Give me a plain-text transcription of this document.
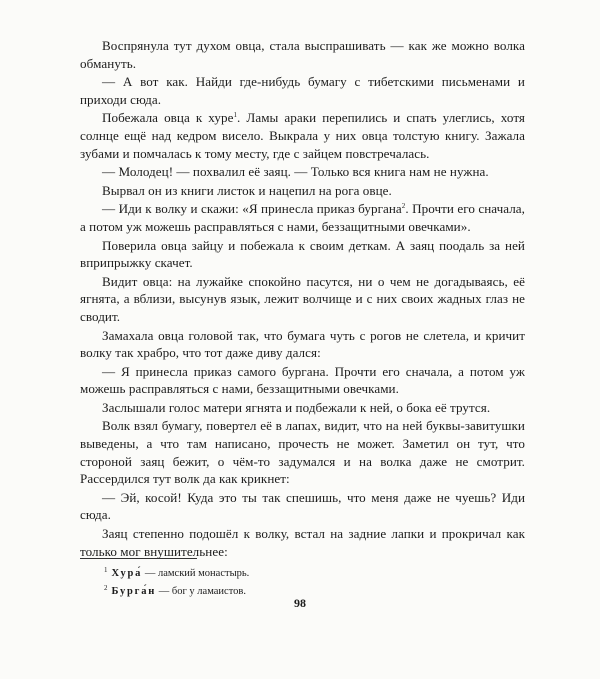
Воспрянула тут духом овца, стала выспрашивать — как же можно волка обмануть.

— А вот как. Найди где-нибудь бумагу с тибетскими письменами и приходи сюда.

Побежала овца к хуре$^1$. Ламы араки перепились и спать улеглись, хотя солнце ещё над кедром висело. Выкрала у них овца толстую книгу. Зажала зубами и помчалась к тому месту, где с зайцем повстречалась.

— Молодец! — похвалил её заяц. — Только вся книга нам не нужна.

Вырвал он из книги листок и нацепил на рога овце.

— Иди к волку и скажи: «Я принесла приказ бургана$^2$. Прочти его сначала, а потом уж можешь расправляться с нами, беззащитными овечками».

Поверила овца зайцу и побежала к своим деткам. А заяц поодаль за ней вприпрыжку скачет.

Видит овца: на лужайке спокойно пасутся, ни о чем не догадываясь, её ягнята, а вблизи, высунув язык, лежит волчище и с них своих жадных глаз не сводит.

Замахала овца головой так, что бумага чуть с рогов не слетела, и кричит волку так храбро, что тот даже диву дался:

— Я принесла приказ самого бургана. Прочти его сначала, а потом уж можешь расправляться с нами, беззащитными овечками.

Заслышали голос матери ягнята и подбежали к ней, о бока её трутся.

Волк взял бумагу, повертел её в лапах, видит, что на ней буквы-завитушки выведены, а что там написано, прочесть не может. Заметил он тут, что стороной заяц бежит, о чём-то задумался и на волка даже не смотрит. Рассердился тут волк да как крикнет:

— Эй, косой! Куда это ты так спешишь, что меня даже не чуешь? Иди сюда.

Заяц степенно подошёл к волку, встал на задние лапки и прокричал как только мог внушительнее:

$^1$ Хура́ — ламский монастырь.

$^2$ Бурга́н — бог у ламаистов.

98
